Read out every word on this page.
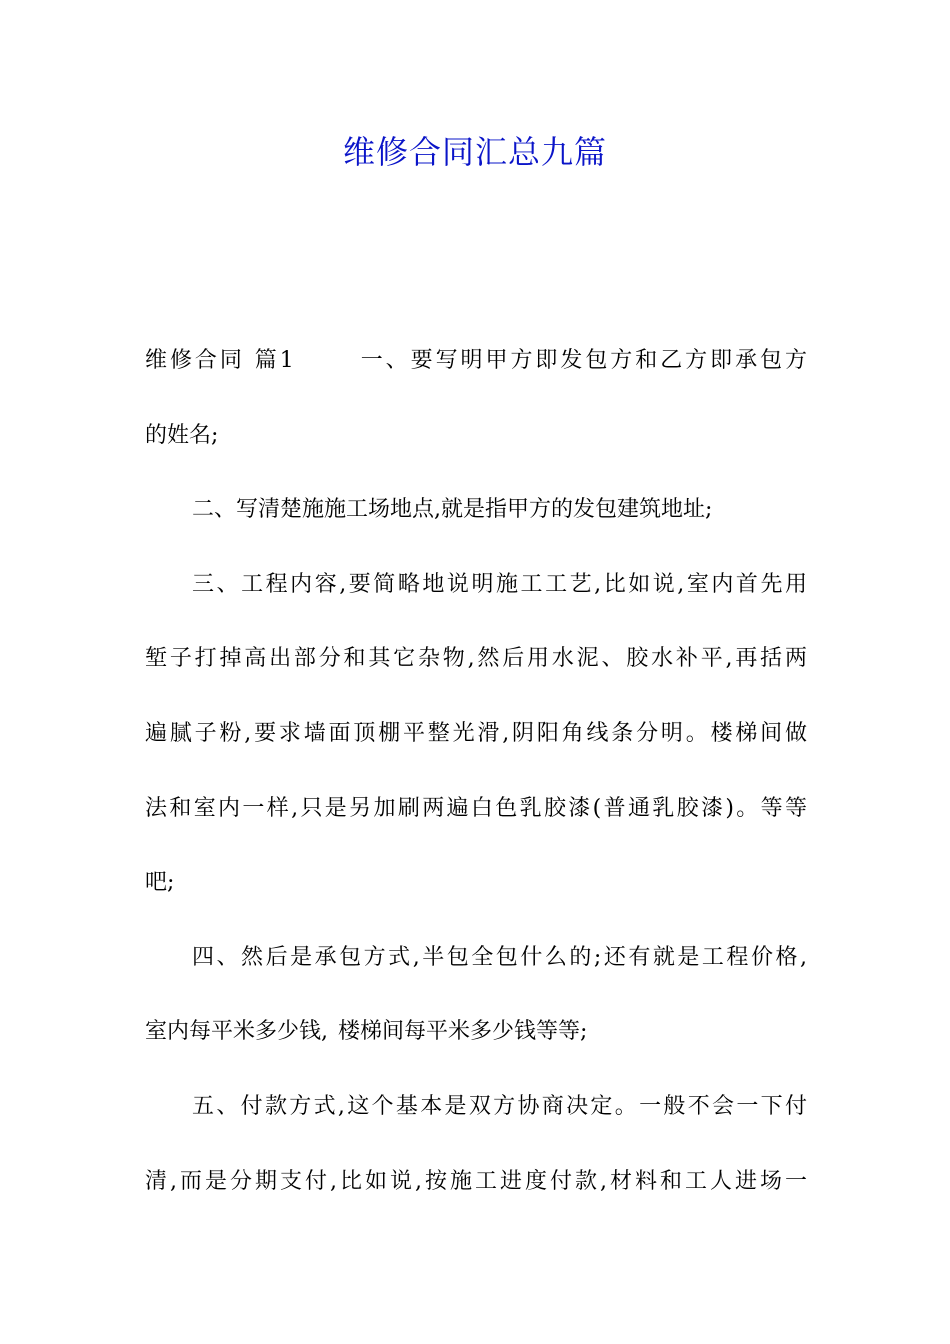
维修合同汇总九篇
维修合同 篇1	一、要写明甲方即发包方和乙方即承包方
的姓名;
二、写清楚施施工场地点,就是指甲方的发包建筑地址;
三、工程内容,要简略地说明施工工艺,比如说,室内首先用
堑子打掉高出部分和其它杂物,然后用水泥、胶水补平,再括两
遍腻子粉,要求墙面顶棚平整光滑,阴阳角线条分明。楼梯间做
法和室内一样,只是另加刷两遍白色乳胶漆(普通乳胶漆)。等等
吧;
四、然后是承包方式,半包全包什么的;还有就是工程价格,
室内每平米多少钱, 楼梯间每平米多少钱等等;
五、付款方式,这个基本是双方协商决定。一般不会一下付
清,而是分期支付,比如说,按施工进度付款,材料和工人进场一
